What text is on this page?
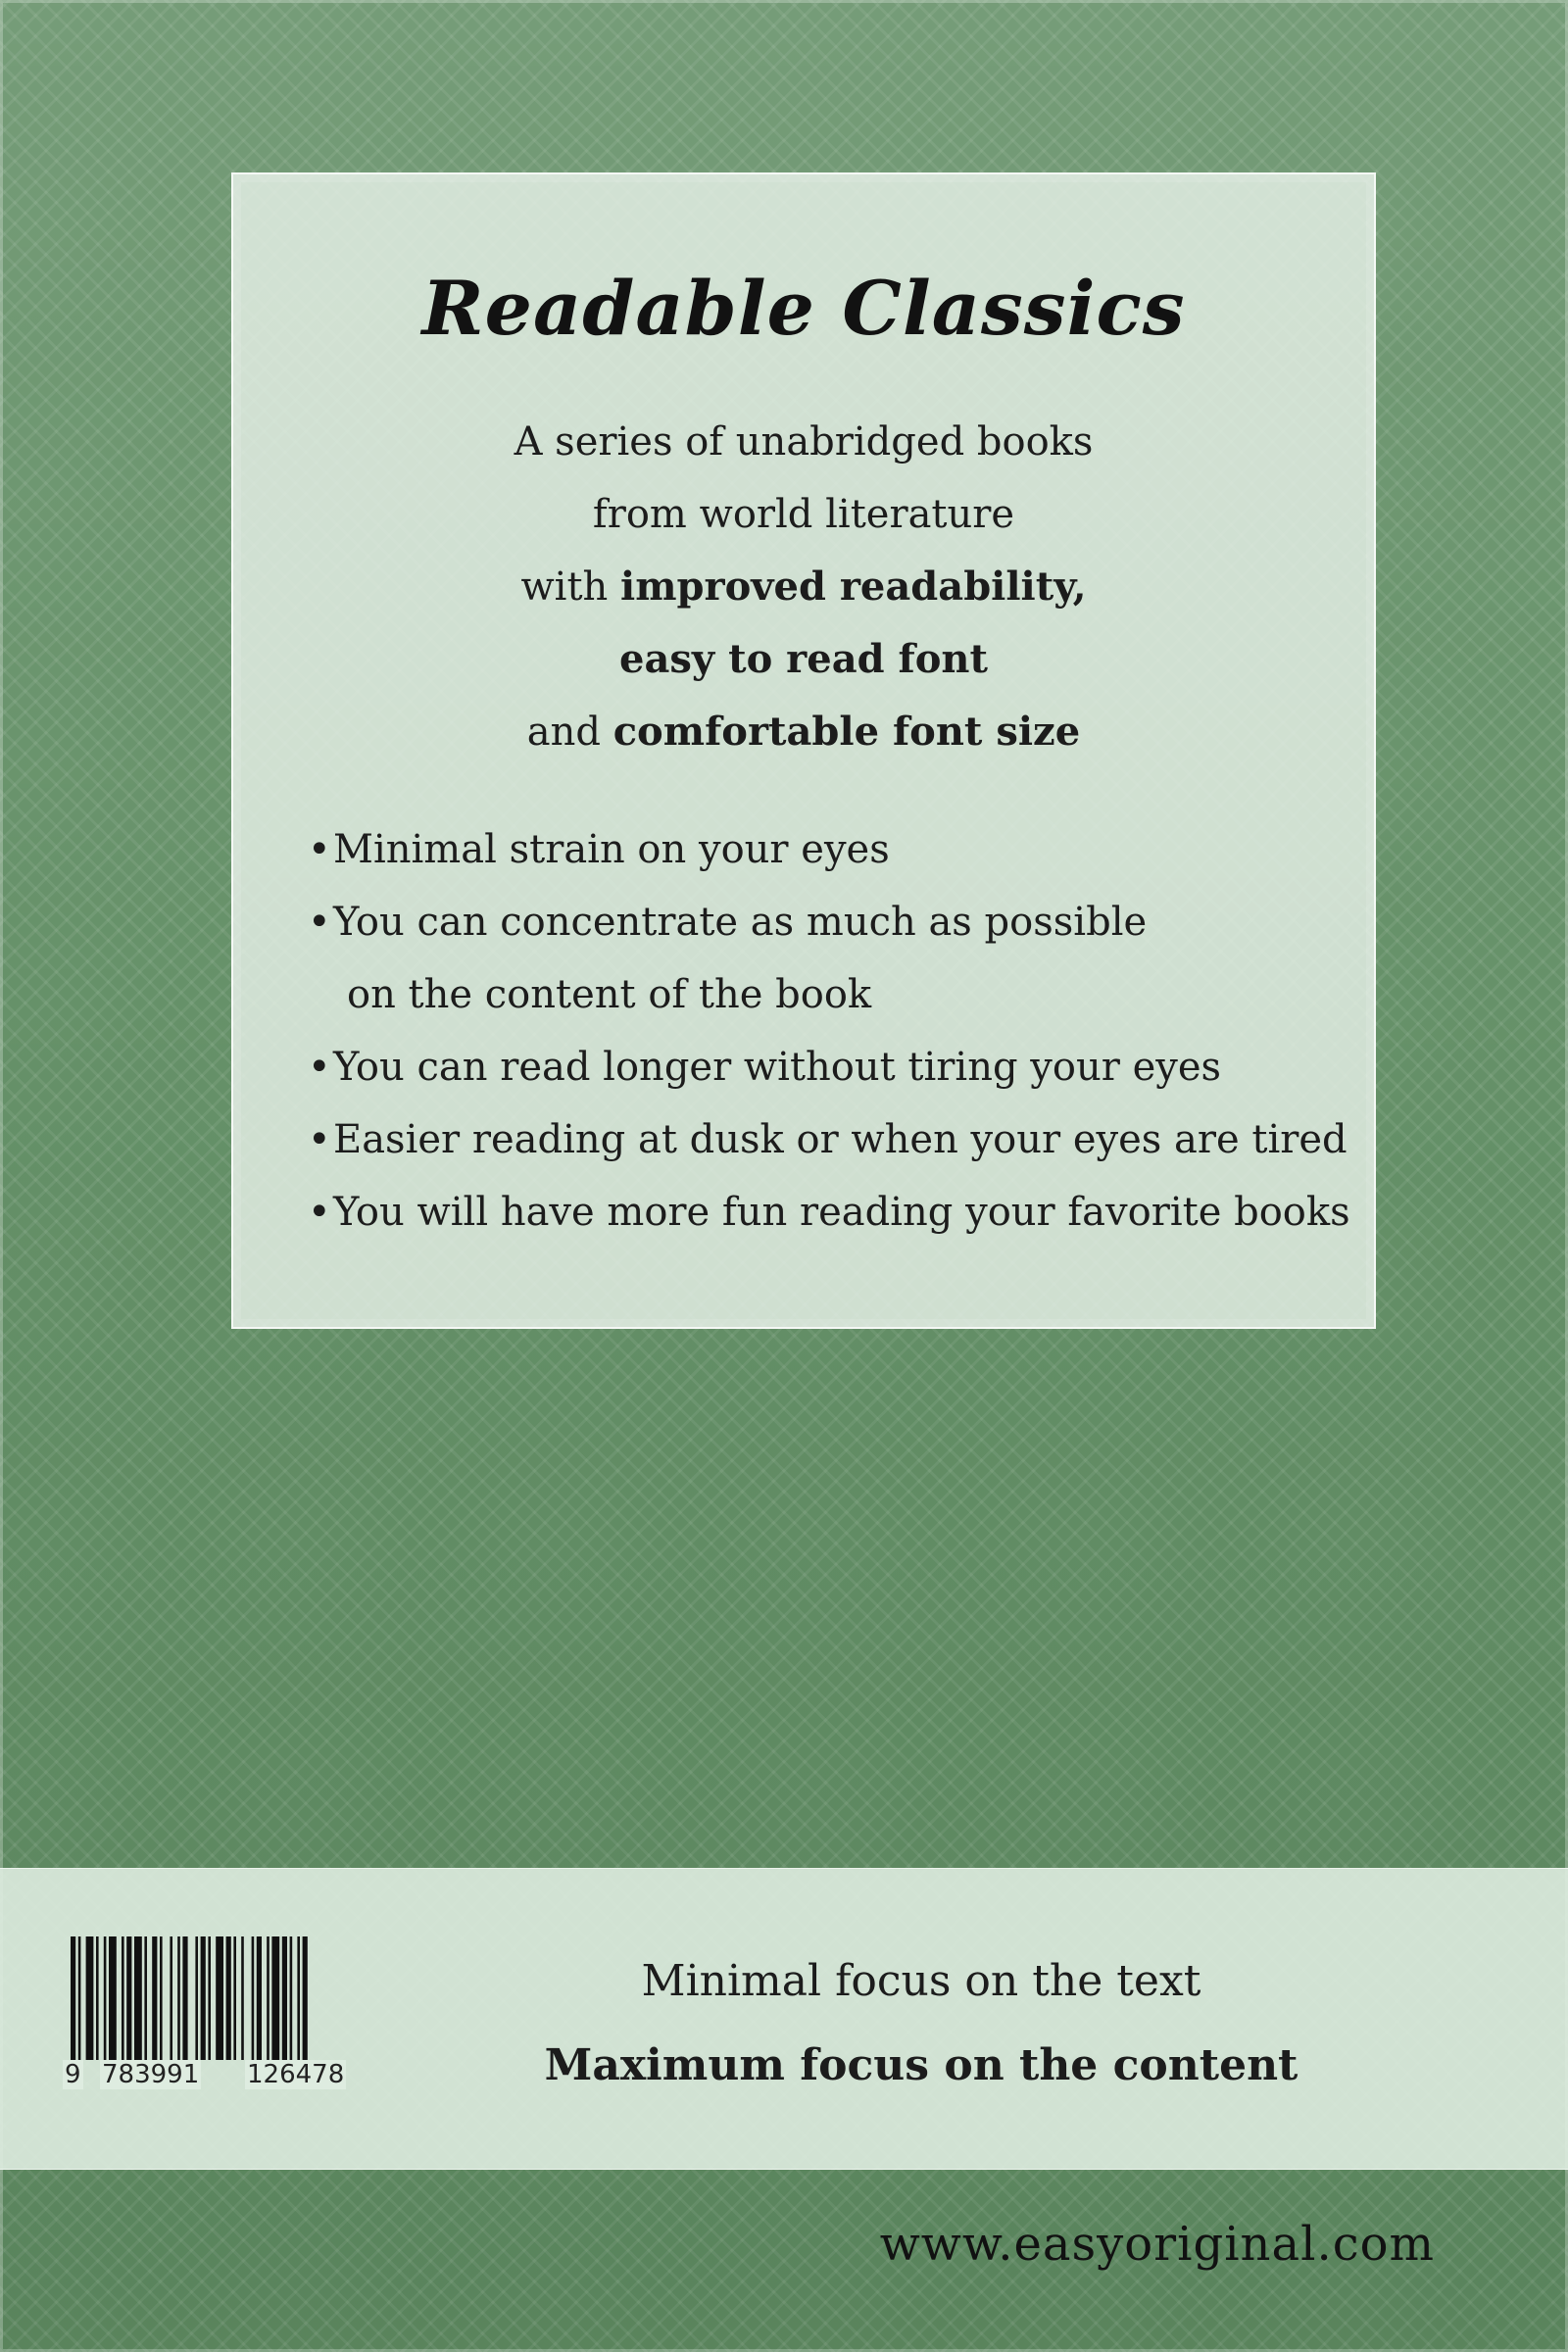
Readable Classics
A series of unabridged books
from world literature
with improved readability,
easy to read font
and comfortable font size
•Minimal strain on your eyes
•You can concentrate as much as possible
on the content of the book
•You can read longer without tiring your eyes
•Easier reading at dusk or when your eyes are tired
•You will have more fun reading your favorite books
9 783991 126478
Minimal focus on the text
Maximum focus on the content
www.easyoriginal.com
